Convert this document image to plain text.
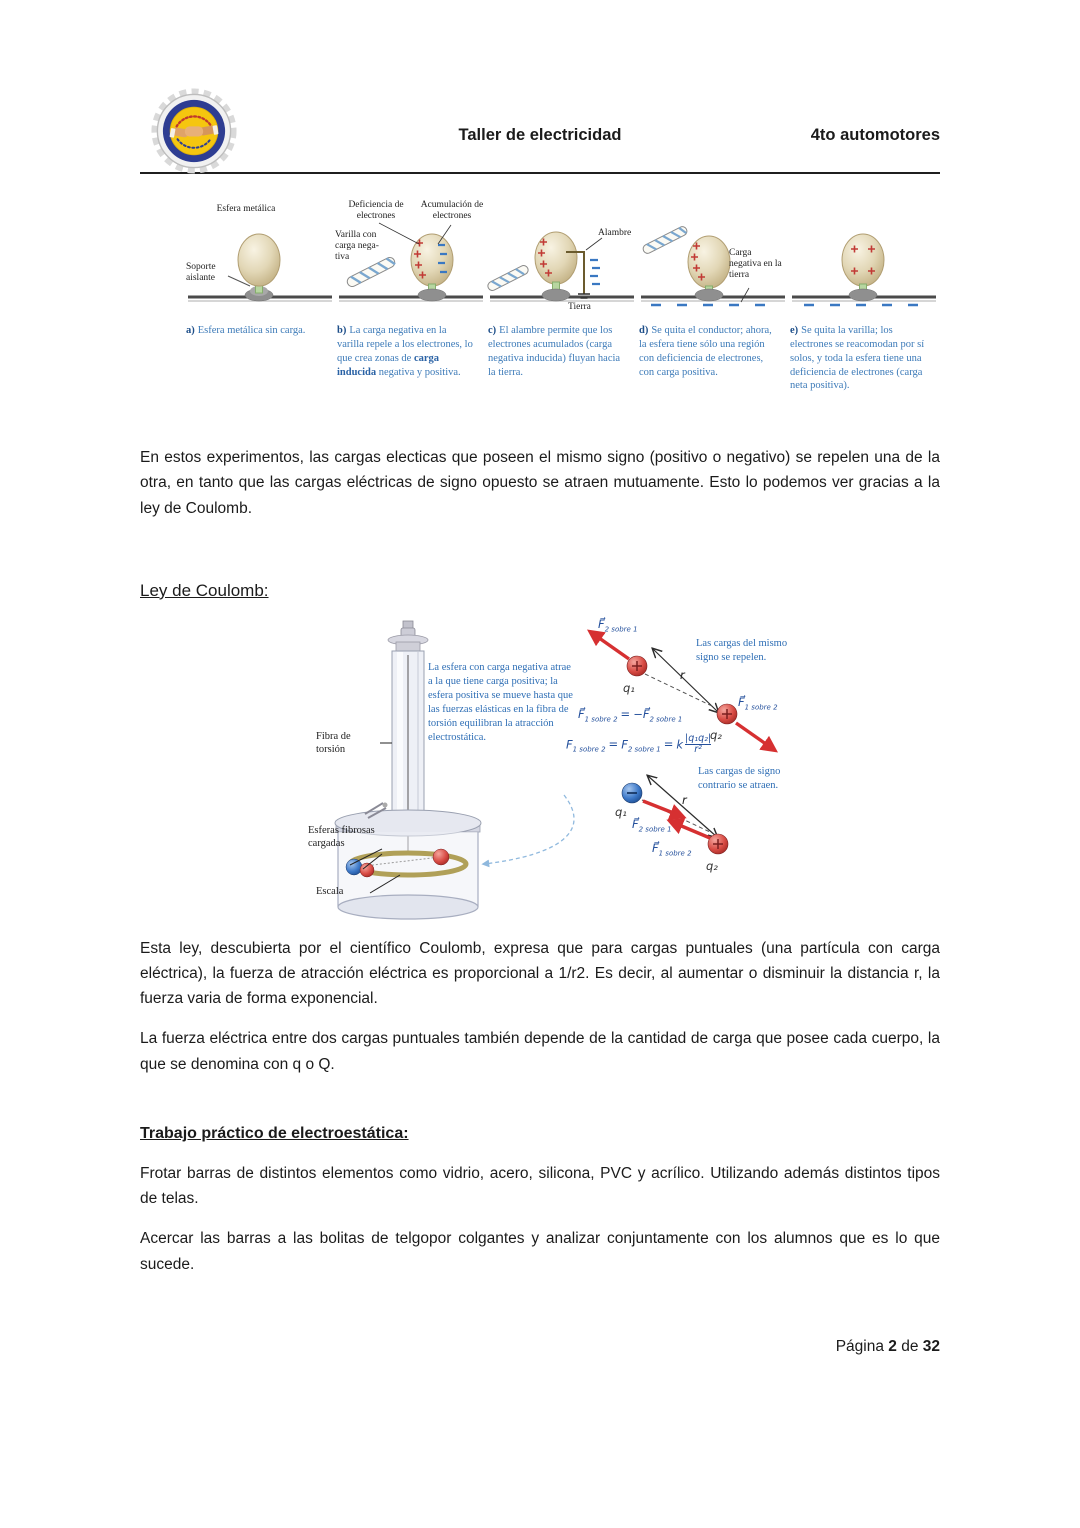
Taller de electricidad	4to automotores
Esfera metálica
Soporte aislante
a) Esfera metálica sin carga.
Deficiencia de electrones
Acumulación de electrones
Varilla con carga nega- tiva
b) La carga negativa en la varilla repele a los electrones, lo que crea zonas de carga inducida negativa y positiva.
Alambre
Tierra
c) El alambre permite que los electrones acumulados (carga negativa inducida) fluyan hacia la tierra.
Carga negativa en la tierra
d) Se quita el conductor; ahora, la esfera tiene sólo una región con deficiencia de electrones, con carga positiva.
e) Se quita la varilla; los electrones se reacomodan por sí solos, y toda la esfera tiene una deficiencia de electrones (carga neta positiva).

En estos experimentos, las cargas electicas que poseen el mismo signo (positivo o negativo) se repelen una de la otra, en tanto que las cargas eléctricas de signo opuesto se atraen mutuamente. Esto lo podemos ver gracias a la ley de Coulomb.

Ley de Coulomb:
Fibra de torsión
Esferas fibrosas cargadas
Escala
La esfera con carga negativa atrae a la que tiene carga positiva; la esfera positiva se mueve hasta que las fuerzas elásticas en la fibra de torsión equilibran la atracción electrostática.
$F⃗_{2 sobre 1}$
q₁
r
$F⃗_{1 sobre 2}$
q₂
Las cargas del mismo signo se repelen.
$F⃗_{1 sobre 2}$ = $-F⃗_{2 sobre 1}$
$F_{1 sobre 2} = F_{2 sobre 1} = k \frac{\text{|q₁q₂|}}{\text{r²}}$
Las cargas de signo contrario se atraen.
q₁
r
$F⃗_{2 sobre 1}$
$F⃗_{1 sobre 2}$
q₂

Esta ley, descubierta por el científico Coulomb, expresa que para cargas puntuales (una partícula con carga eléctrica), la fuerza de atracción eléctrica es proporcional a 1/r2. Es decir, al aumentar o disminuir la distancia r, la fuerza varia de forma exponencial.

La fuerza eléctrica entre dos cargas puntuales también depende de la cantidad de carga que posee cada cuerpo, la que se denomina con q o Q.

Trabajo práctico de electroestática:

Frotar barras de distintos elementos como vidrio, acero, silicona, PVC y acrílico. Utilizando además distintos tipos de telas.

Acercar las barras a las bolitas de telgopor colgantes y analizar conjuntamente con los alumnos que es lo que sucede.

Página 2 de 32
